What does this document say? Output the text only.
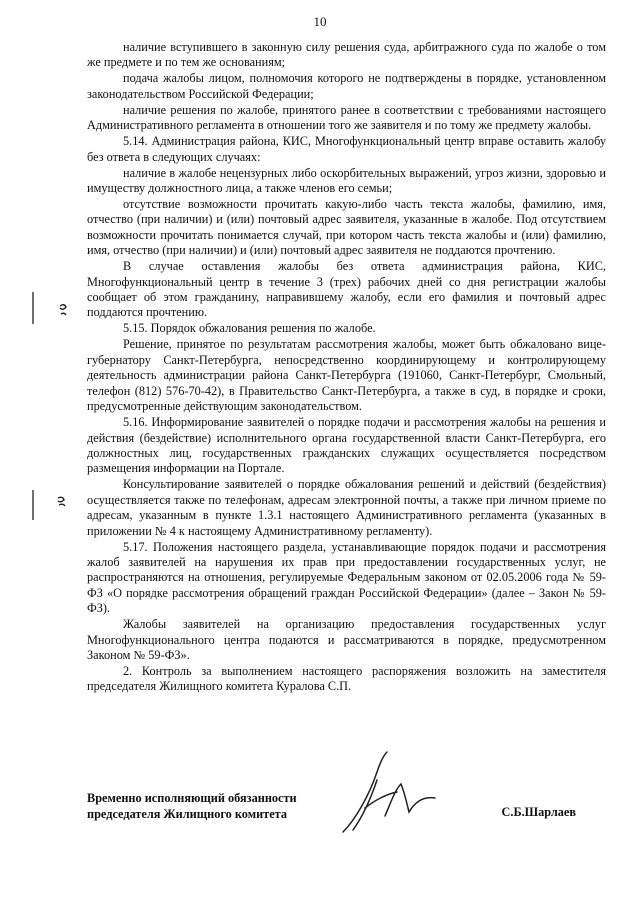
10

наличие вступившего в законную силу решения суда, арбитражного суда по жалобе о том же предмете и по тем же основаниям;

подача жалобы лицом, полномочия которого не подтверждены в порядке, установленном законодательством Российской Федерации;

наличие решения по жалобе, принятого ранее в соответствии с требованиями настоящего Административного регламента в отношении того же заявителя и по тому же предмету жалобы.

5.14. Администрация района, КИС, Многофункциональный центр вправе оставить жалобу без ответа в следующих случаях:

наличие в жалобе нецензурных либо оскорбительных выражений, угроз жизни, здоровью и имуществу должностного лица, а также членов его семьи;

отсутствие возможности прочитать какую-либо часть текста жалобы, фамилию, имя, отчество (при наличии) и (или) почтовый адрес заявителя, указанные в жалобе. Под отсутствием возможности прочитать понимается случай, при котором часть текста жалобы и (или) фамилию, имя, отчество (при наличии) и (или) почтовый адрес заявителя не поддаются прочтению.

В случае оставления жалобы без ответа администрация района, КИС, Многофункциональный центр в течение 3 (трех) рабочих дней со дня регистрации жалобы сообщает об этом гражданину, направившему жалобу, если его фамилия и почтовый адрес поддаются прочтению.

5.15. Порядок обжалования решения по жалобе.

Решение, принятое по результатам рассмотрения жалобы, может быть обжаловано вице-губернатору Санкт-Петербурга, непосредственно координирующему и контролирующему деятельность администрации района Санкт-Петербурга (191060, Санкт-Петербург, Смольный, телефон (812) 576-70-42), в Правительство Санкт-Петербурга, а также в суд, в порядке и сроки, предусмотренные действующим законодательством.

5.16. Информирование заявителей о порядке подачи и рассмотрения жалобы на решения и действия (бездействие) исполнительного органа государственной власти Санкт-Петербурга, его должностных лиц, государственных гражданских служащих осуществляется посредством размещения информации на Портале.

Консультирование заявителей о порядке обжалования решений и действий (бездействия) осуществляется также по телефонам, адресам электронной почты, а также при личном приеме по адресам, указанным в пункте 1.3.1 настоящего Административного регламента (указанных в приложении № 4 к настоящему Административному регламенту).

5.17. Положения настоящего раздела, устанавливающие порядок подачи и рассмотрения жалоб заявителей на нарушения их прав при предоставлении государственных услуг, не распространяются на отношения, регулируемые Федеральным законом от 02.05.2006 года № 59-ФЗ «О порядке рассмотрения обращений граждан Российской Федерации» (далее – Закон № 59-ФЗ).

Жалобы заявителей на организацию предоставления государственных услуг Многофункционального центра подаются и рассматриваются в порядке, предусмотренном Законом № 59-ФЗ».

2. Контроль за выполнением настоящего распоряжения возложить на заместителя председателя Жилищного комитета Куралова С.П.

Временно исполняющий обязанности
председателя Жилищного комитета	С.Б.Шарлаев
